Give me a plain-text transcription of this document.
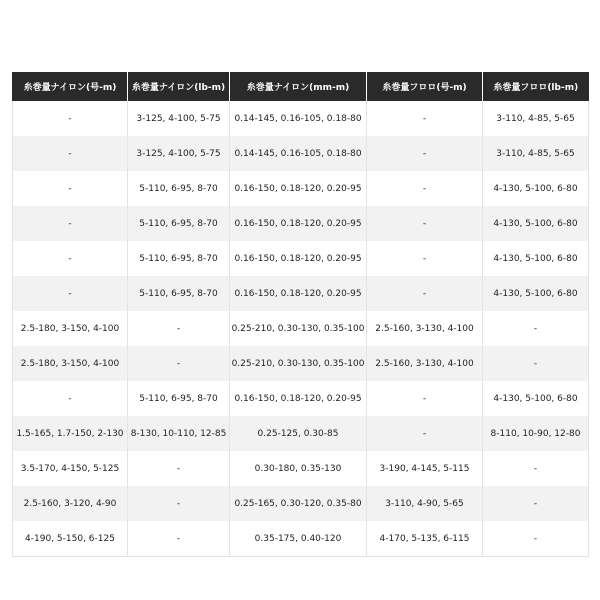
糸巻量ナイロン(号-m)	糸巻量ナイロン(lb-m)	糸巻量ナイロン(mm-m)	糸巻量フロロ(号-m)	糸巻量フロロ(lb-m)
-	3-125, 4-100, 5-75	0.14-145, 0.16-105, 0.18-80	-	3-110, 4-85, 5-65
-	3-125, 4-100, 5-75	0.14-145, 0.16-105, 0.18-80	-	3-110, 4-85, 5-65
-	5-110, 6-95, 8-70	0.16-150, 0.18-120, 0.20-95	-	4-130, 5-100, 6-80
-	5-110, 6-95, 8-70	0.16-150, 0.18-120, 0.20-95	-	4-130, 5-100, 6-80
-	5-110, 6-95, 8-70	0.16-150, 0.18-120, 0.20-95	-	4-130, 5-100, 6-80
-	5-110, 6-95, 8-70	0.16-150, 0.18-120, 0.20-95	-	4-130, 5-100, 6-80
2.5-180, 3-150, 4-100	-	0.25-210, 0.30-130, 0.35-100	2.5-160, 3-130, 4-100	-
2.5-180, 3-150, 4-100	-	0.25-210, 0.30-130, 0.35-100	2.5-160, 3-130, 4-100	-
-	5-110, 6-95, 8-70	0.16-150, 0.18-120, 0.20-95	-	4-130, 5-100, 6-80
1.5-165, 1.7-150, 2-130	8-130, 10-110, 12-85	0.25-125, 0.30-85	-	8-110, 10-90, 12-80
3.5-170, 4-150, 5-125	-	0.30-180, 0.35-130	3-190, 4-145, 5-115	-
2.5-160, 3-120, 4-90	-	0.25-165, 0.30-120, 0.35-80	3-110, 4-90, 5-65	-
4-190, 5-150, 6-125	-	0.35-175, 0.40-120	4-170, 5-135, 6-115	-
